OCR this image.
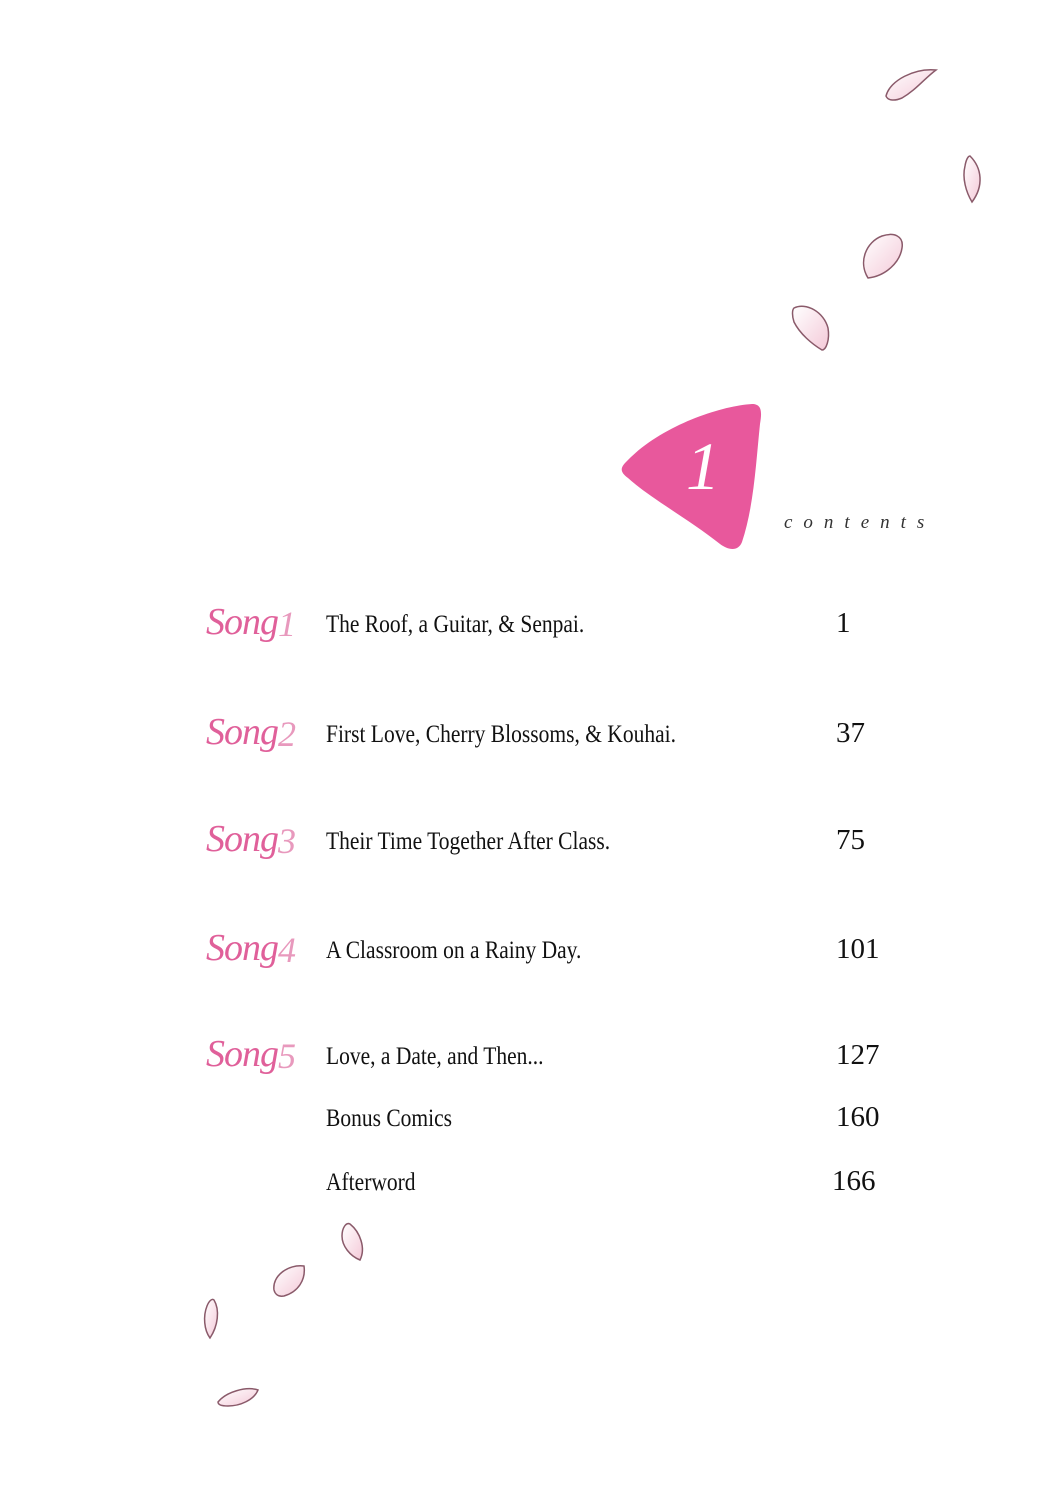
1
contents
Song 1 The Roof, a Guitar, & Senpai.	1
Song 2 First Love, Cherry Blossoms, & Kouhai.	37
Song 3 Their Time Together After Class.	75
Song 4 A Classroom on a Rainy Day.	101
Song 5 Love, a Date, and Then...	127
Bonus Comics	160
Afterword	166
